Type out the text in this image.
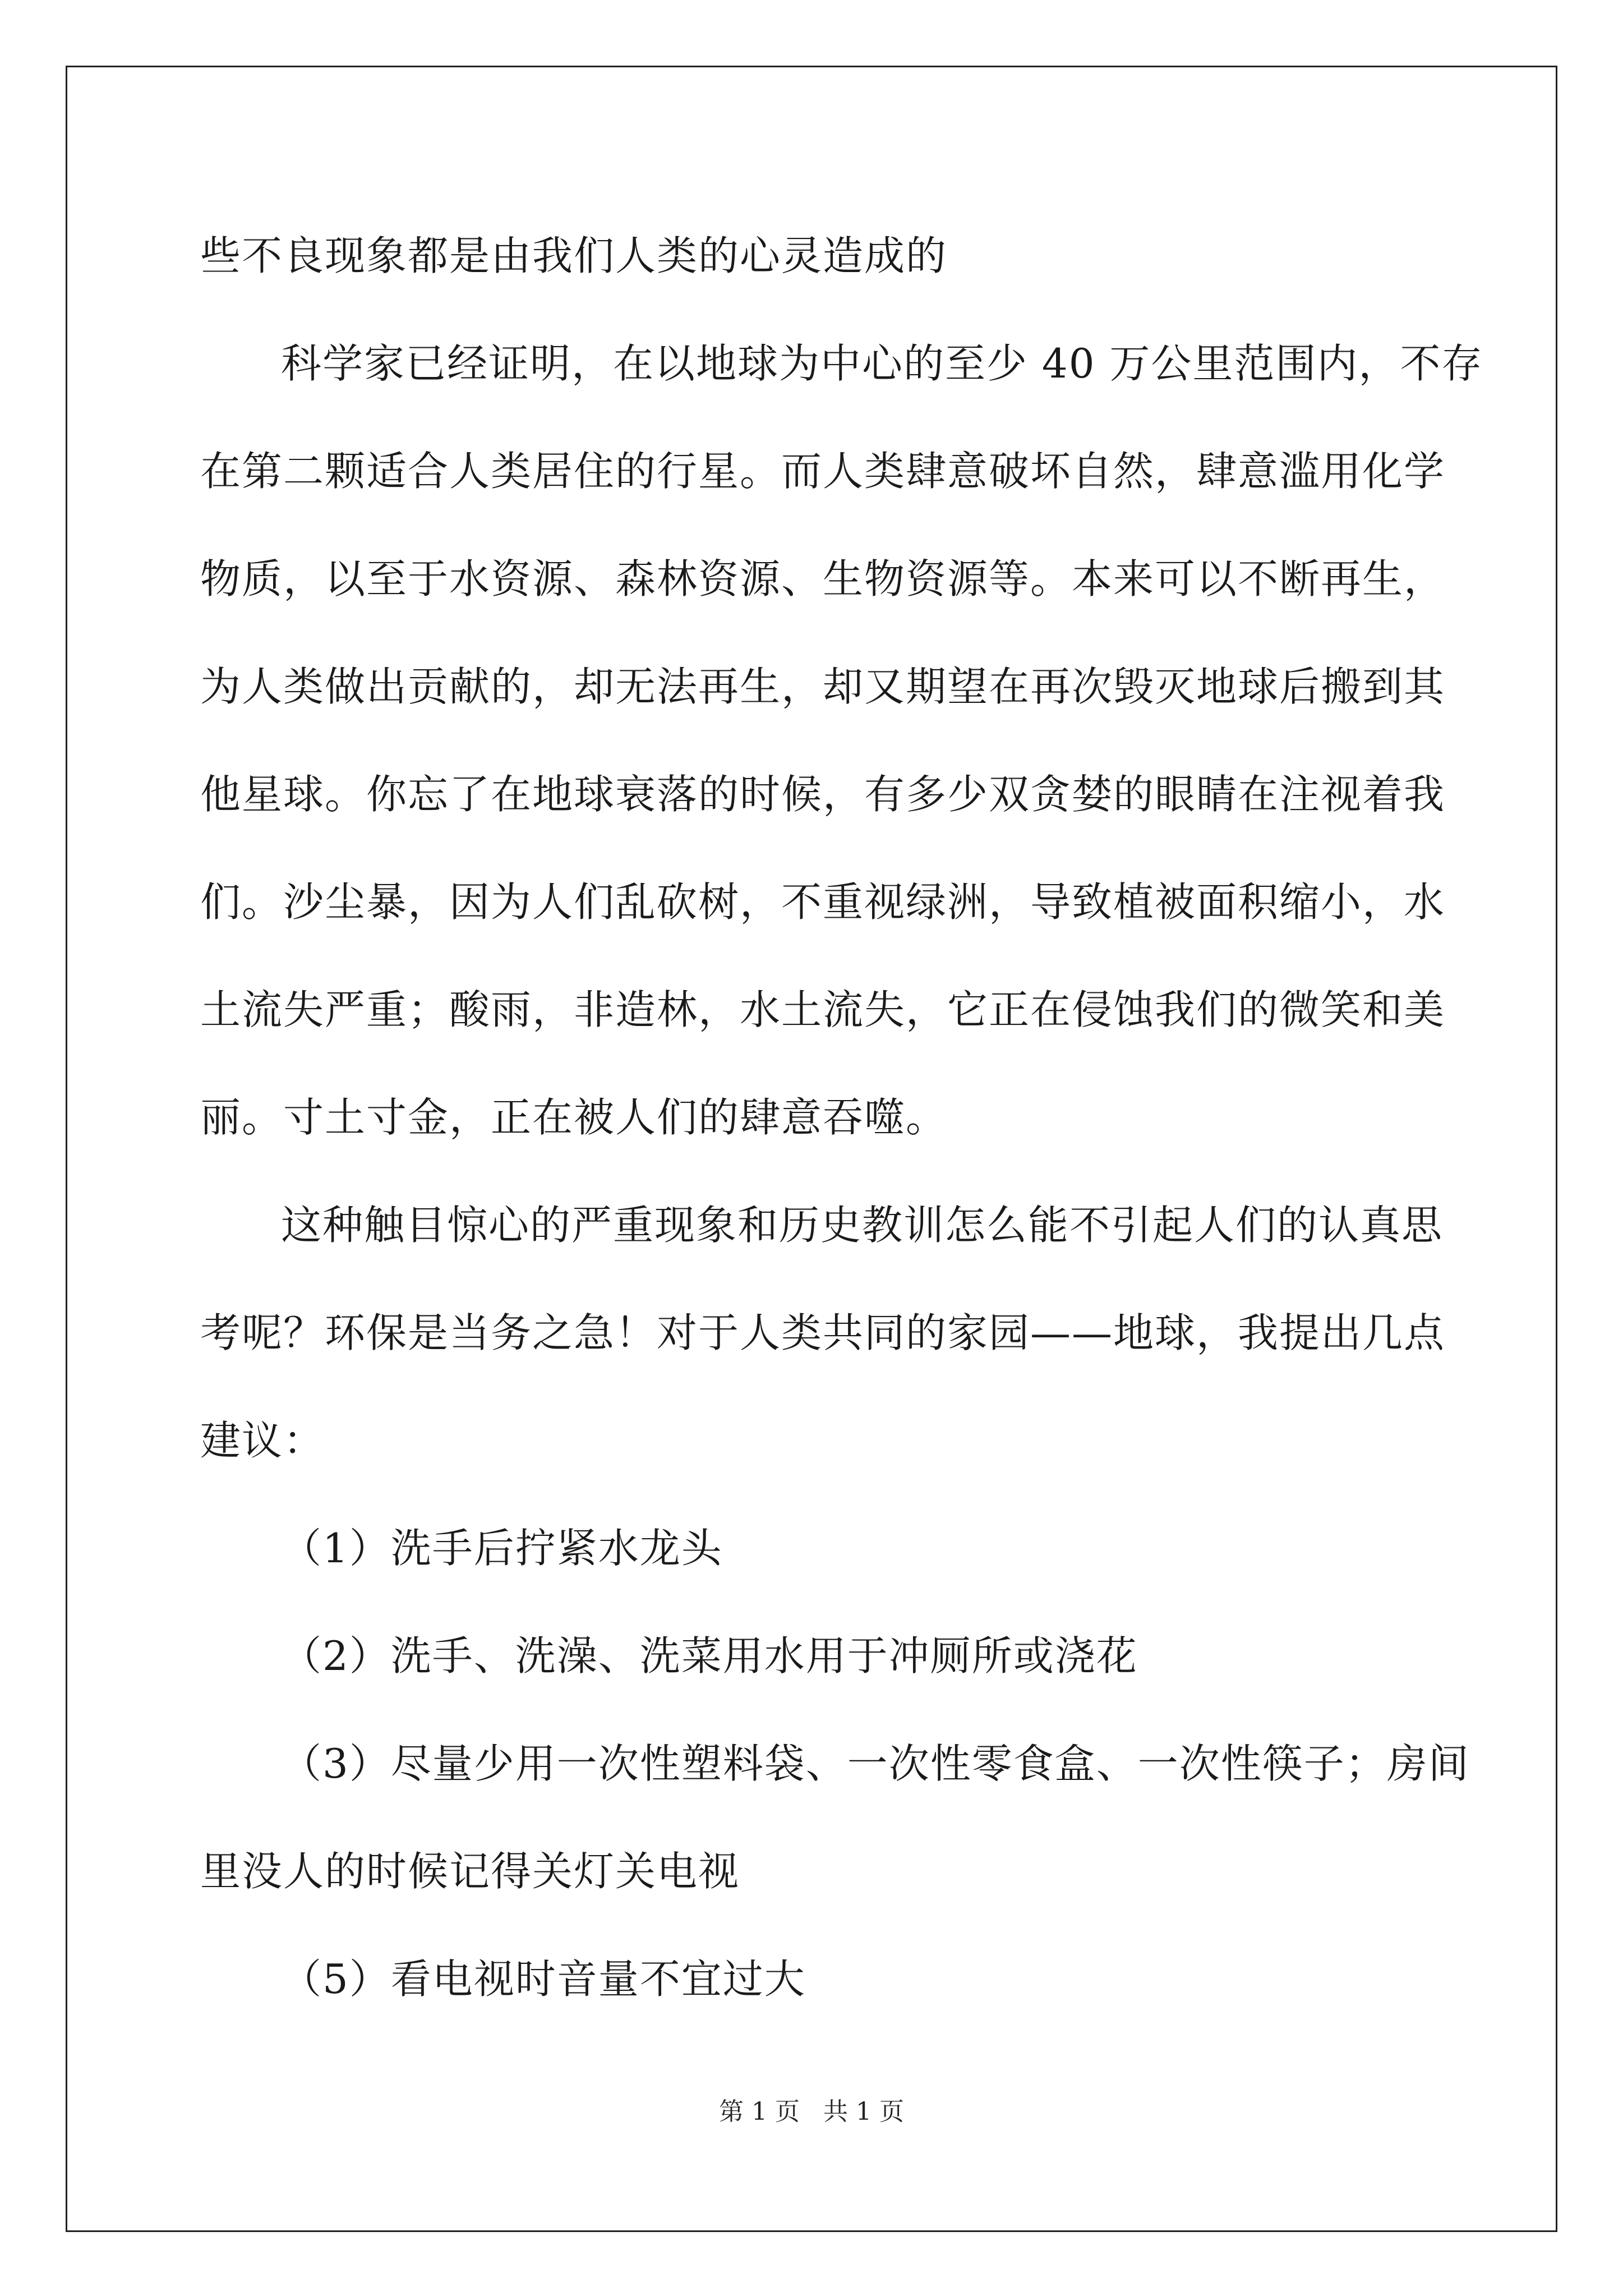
些不良现象都是由我们人类的心灵造成的
科学家已经证明，在以地球为中心的至少 40 万公里范围内，不存
在第二颗适合人类居住的行星。而人类肆意破坏自然，肆意滥用化学
物质，以至于水资源、森林资源、生物资源等。本来可以不断再生，
为人类做出贡献的，却无法再生，却又期望在再次毁灭地球后搬到其
他星球。你忘了在地球衰落的时候，有多少双贪婪的眼睛在注视着我
们。沙尘暴，因为人们乱砍树，不重视绿洲，导致植被面积缩小，水
土流失严重；酸雨，非造林，水土流失，它正在侵蚀我们的微笑和美
丽。寸土寸金，正在被人们的肆意吞噬。
这种触目惊心的严重现象和历史教训怎么能不引起人们的认真思
考呢？环保是当务之急！对于人类共同的家园——地球，我提出几点
建议：
（1）洗手后拧紧水龙头
（2）洗手、洗澡、洗菜用水用于冲厕所或浇花
（3）尽量少用一次性塑料袋、一次性零食盒、一次性筷子；房间
里没人的时候记得关灯关电视
（5）看电视时音量不宜过大
第 1 页   共 1 页
